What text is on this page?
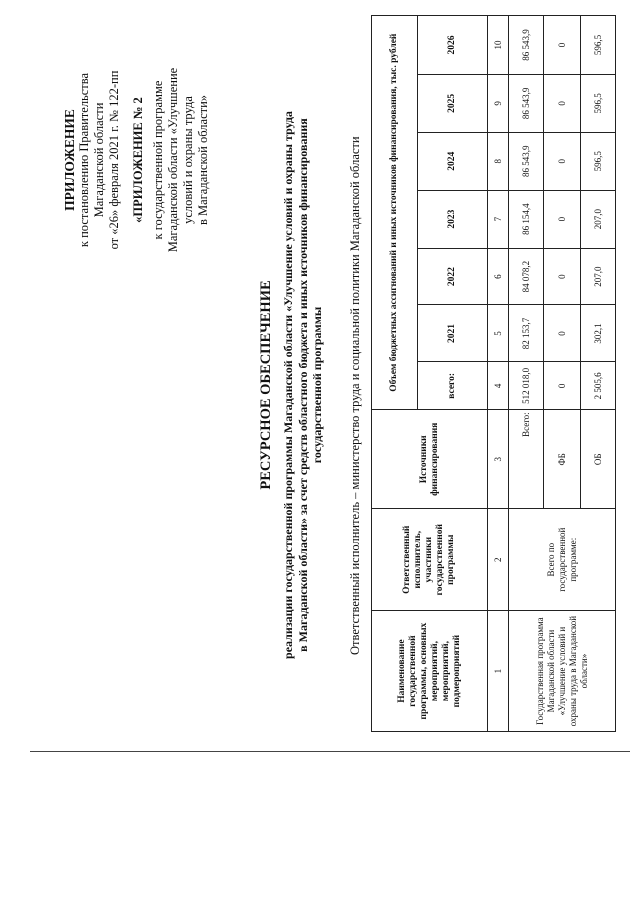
ПРИЛОЖЕНИЕ к постановлению Правительства Магаданской области от «26» февраля 2021 г. № 122-пп «ПРИЛОЖЕНИЕ № 2 к государственной программе Магаданской области «Улучшение условий и охраны труда в Магаданской области»
РЕСУРСНОЕ ОБЕСПЕЧЕНИЕ реализации государственной программы Магаданской области «Улучшение условий и охраны труда в Магаданской области» за счет средств областного бюджета и иных источников финансирования государственной программы Ответственный исполнитель – министерство труда и социальной политики Магаданской области
Наименование государственной программы, основных мероприятий, мероприятий, подмероприятий	Ответственный исполнитель, участники государственной программы	Источники финансирования	Объем бюджетных ассигнований и иных источников финансирования, тыс. рублей						
			всего:	2021	2022	2023	2024	2025	2026
1	2	3	4	5	6	7	8	9	10
Государственная программа Магаданской области «Улучшение условий и охраны труда в Магаданской области»	Всего по государственной программе:	Всего:	512 018,0	82 153,7	84 078,2	86 154,4	86 543,9	86 543,9	86 543,9
		ФБ	0	0	0	0	0	0	0
		ОБ	2 505,6	302,1	207,0	207,0	596,5	596,5	596,5
